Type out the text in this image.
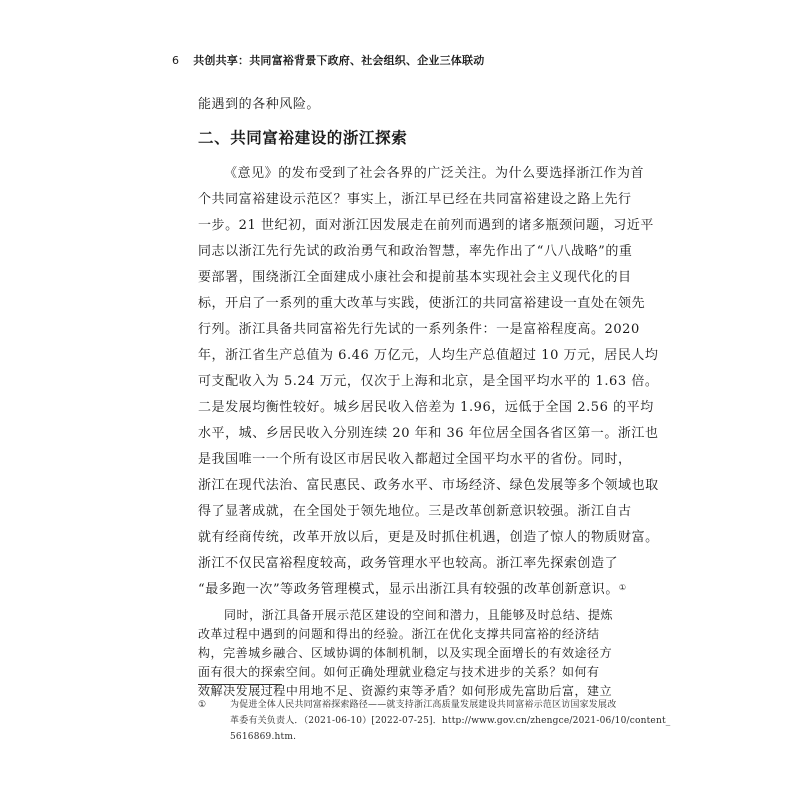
6 共创共享：共同富裕背景下政府、社会组织、企业三体联动
能遇到的各种风险。
二、共同富裕建设的浙江探索
《意见》的发布受到了社会各界的广泛关注。为什么要选择浙江作为首
个共同富裕建设示范区？事实上，浙江早已经在共同富裕建设之路上先行
一步。21 世纪初，面对浙江因发展走在前列而遇到的诸多瓶颈问题，习近平
同志以浙江先行先试的政治勇气和政治智慧，率先作出了“八八战略”的重
要部署，围绕浙江全面建成小康社会和提前基本实现社会主义现代化的目
标，开启了一系列的重大改革与实践，使浙江的共同富裕建设一直处在领先
行列。浙江具备共同富裕先行先试的一系列条件：一是富裕程度高。2020
年，浙江省生产总值为 6.46 万亿元，人均生产总值超过 10 万元，居民人均
可支配收入为 5.24 万元，仅次于上海和北京，是全国平均水平的 1.63 倍。
二是发展均衡性较好。城乡居民收入倍差为 1.96，远低于全国 2.56 的平均
水平，城、乡居民收入分别连续 20 年和 36 年位居全国各省区第一。浙江也
是我国唯一一个所有设区市居民收入都超过全国平均水平的省份。同时，
浙江在现代法治、富民惠民、政务水平、市场经济、绿色发展等多个领域也取
得了显著成就，在全国处于领先地位。三是改革创新意识较强。浙江自古
就有经商传统，改革开放以后，更是及时抓住机遇，创造了惊人的物质财富。
浙江不仅民富裕程度较高，政务管理水平也较高。浙江率先探索创造了
“最多跑一次”等政务管理模式，显示出浙江具有较强的改革创新意识。①
同时，浙江具备开展示范区建设的空间和潜力，且能够及时总结、提炼
改革过程中遇到的问题和得出的经验。浙江在优化支撑共同富裕的经济结
构，完善城乡融合、区域协调的体制机制，以及实现全面增长的有效途径方
面有很大的探索空间。如何正确处理就业稳定与技术进步的关系？如何有
效解决发展过程中用地不足、资源约束等矛盾？如何形成先富助后富，建立
①	为促进全体人民共同富裕探索路径——就支持浙江高质量发展建设共同富裕示范区访国家发展改
革委有关负责人．（2021-06-10）[2022-07-25]．http://www.gov.cn/zhengce/2021-06/10/content_
5616869.htm.
